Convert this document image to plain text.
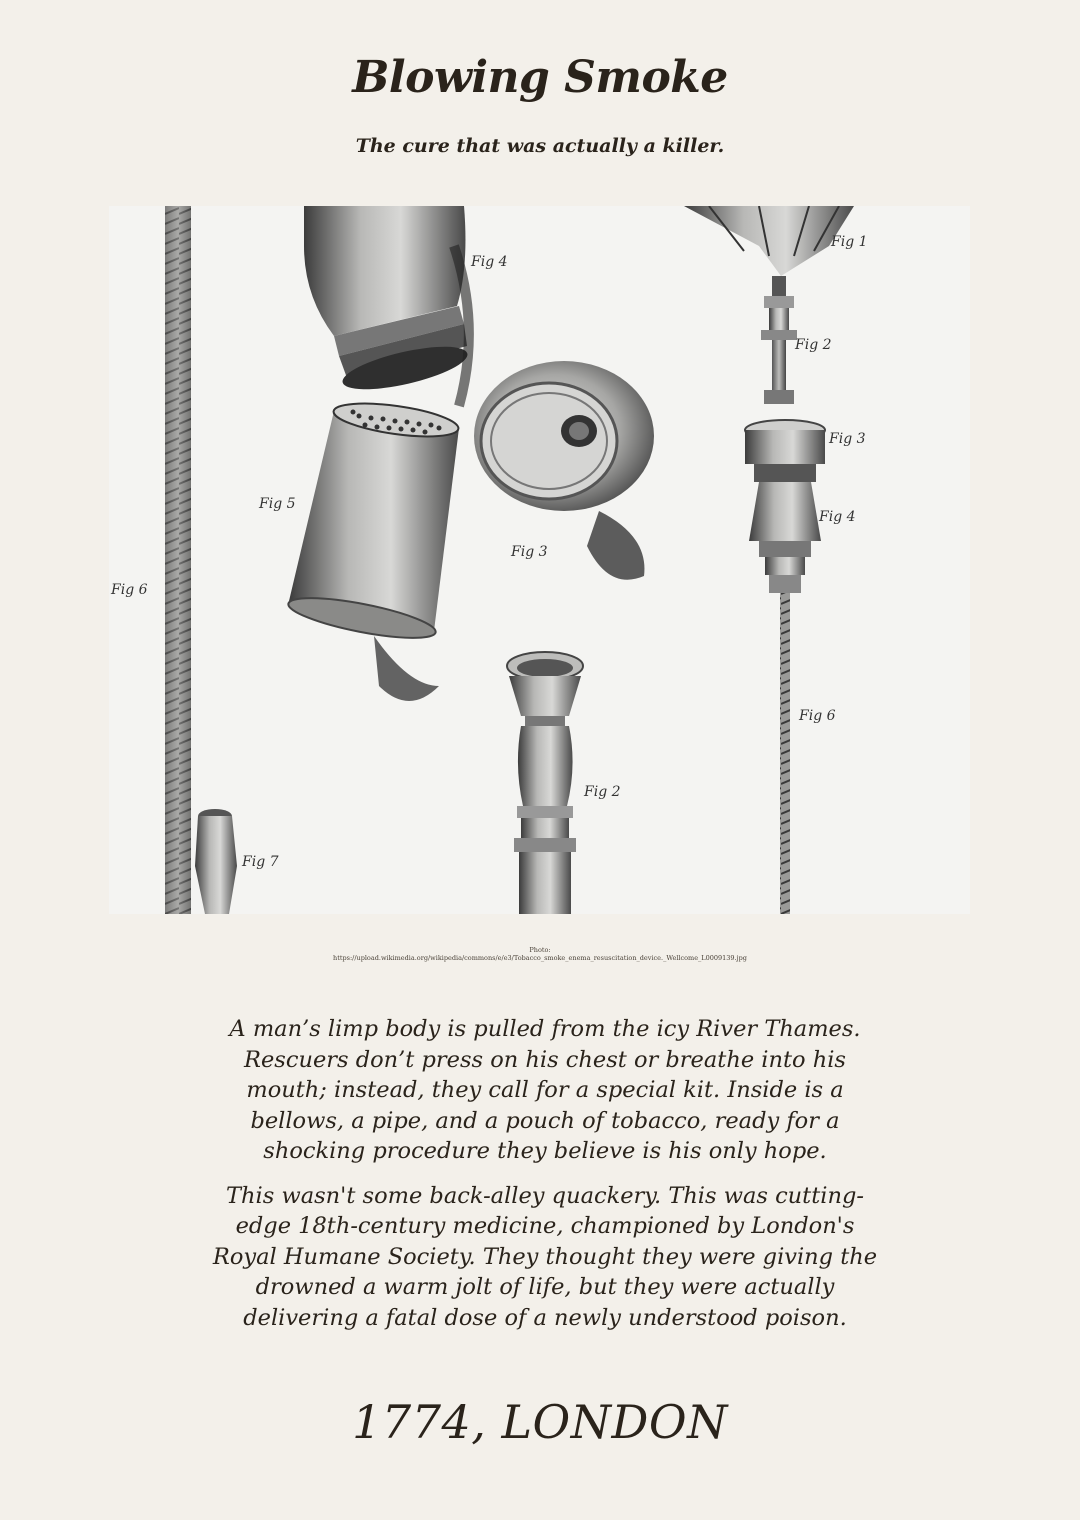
Blowing Smoke
The cure that was actually a killer.
Fig 4
Fig 5
Fig 3
Fig 6
Fig 2
Fig 7
Fig 1
Fig 2
Fig 3
Fig 4
Fig 6
Photo:
https://upload.wikimedia.org/wikipedia/commons/e/e3/Tobacco_smoke_enema_resuscitation_device._Wellcome_L0009139.jpg

A man’s limp body is pulled from the icy River Thames. Rescuers don’t press on his chest or breathe into his mouth; instead, they call for a special kit. Inside is a bellows, a pipe, and a pouch of tobacco, ready for a shocking procedure they believe is his only hope.

This wasn't some back-alley quackery. This was cutting-edge 18th-century medicine, championed by London's Royal Humane Society. They thought they were giving the drowned a warm jolt of life, but they were actually delivering a fatal dose of a newly understood poison.

1774, LONDON
